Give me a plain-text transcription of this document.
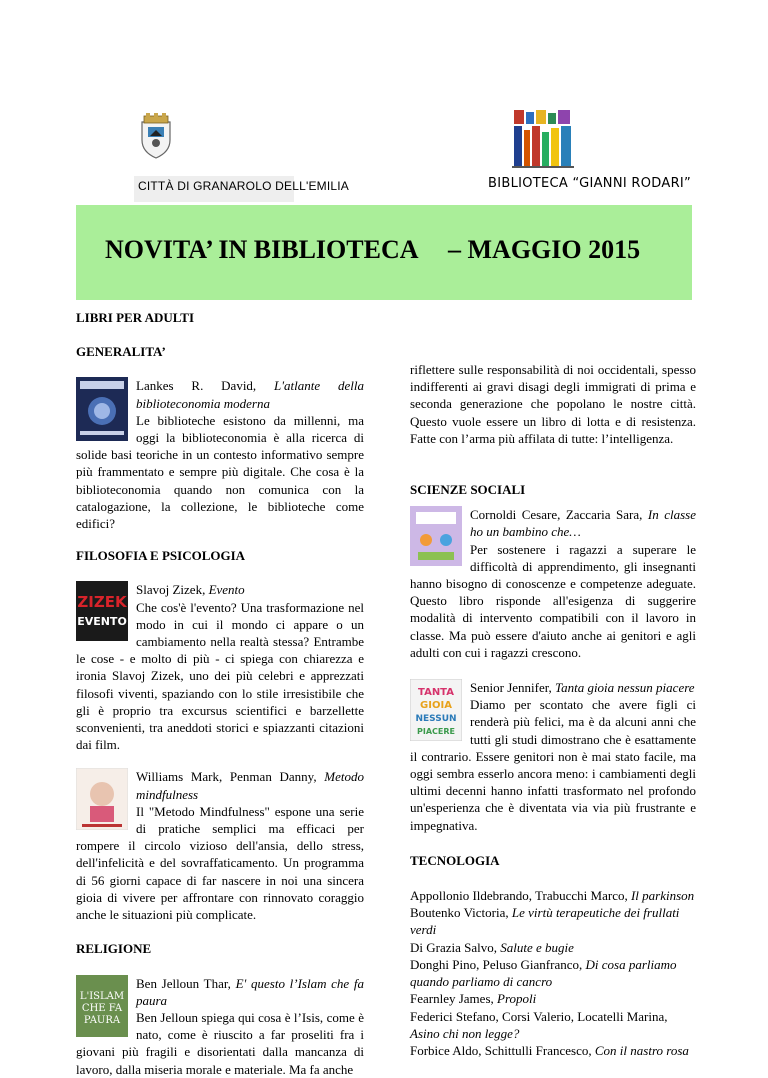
CITTÀ DI GRANAROLO DELL'EMILIA	BIBLIOTECA “GIANNI RODARI”
NOVITA’ IN BIBLIOTECA – MAGGIO 2015

LIBRI PER ADULTI

GENERALITA’

Lankes R. David, L'atlante della biblioteconomia moderna
Le biblioteche esistono da millenni, ma oggi la biblioteconomia è alla ricerca di solide basi teoriche in un contesto informativo sempre più frammentato e sempre più digitale. Che cosa è la biblioteconomia quando non comunica con la catalogazione, la collezione, le biblioteche come edifici?

FILOSOFIA E PSICOLOGIA

ZIZEK
EVENTO
Slavoj Zizek, Evento
Che cos'è l'evento? Una trasformazione nel modo in cui il mondo ci appare o un cambiamento nella realtà stessa? Entrambe le cose - e molto di più - ci spiega con chiarezza e ironia Slavoj Zizek, uno dei più celebri e apprezzati filosofi viventi, spaziando con lo stile irresistibile che gli è proprio tra excursus scientifici e barzellette sconvenienti, tra aneddoti storici e spiazzanti citazioni dai film.
Williams Mark, Penman Danny, Metodo mindfulness
Il "Metodo Mindfulness" espone una serie di pratiche semplici ma efficaci per rompere il circolo vizioso dell'ansia, dello stress, dell'infelicità e del sovraffaticamento. Un programma di 56 giorni capace di far nascere in noi una sincera gioia di vivere per affrontare con rinnovato coraggio anche le situazioni più complicate.

RELIGIONE

L'ISLAM
CHE FA
PAURA
Ben Jelloun Thar, E' questo l’Islam che fa paura
Ben Jelloun spiega qui cosa è l’Isis, come è nato, come è riuscito a far proseliti fra i giovani più fragili e disorientati dalla mancanza di lavoro, dalla miseria morale e materiale. Ma fa anche

riflettere sulle responsabilità di noi occidentali, spesso indifferenti ai gravi disagi degli immigrati di prima e seconda generazione che popolano le nostre città. Questo vuole essere un libro di lotta e di resistenza. Fatte con l’arma più affilata di tutte: l’intelligenza.

SCIENZE SOCIALI

Cornoldi Cesare, Zaccaria Sara, In classe ho un bambino che…
Per sostenere i ragazzi a superare le difficoltà di apprendimento, gli insegnanti hanno bisogno di conoscenze e competenze adeguate. Questo libro risponde all'esigenza di suggerire modalità di intervento compatibili con il lavoro in classe. Ma può essere d'aiuto anche ai genitori e agli adulti con cui i ragazzi crescono.
TANTA
GIOIA
NESSUN
PIACERE
Senior Jennifer, Tanta gioia nessun piacere
Diamo per scontato che avere figli ci renderà più felici, ma è da alcuni anni che tutti gli studi dimostrano che è esattamente il contrario. Essere genitori non è mai stato facile, ma oggi sembra esserlo ancora meno: i cambiamenti degli ultimi decenni hanno infatti trasformato nel profondo un'esperienza che è diventata via via più frustrante e impegnativa.

TECNOLOGIA

Appollonio Ildebrando, Trabucchi Marco, Il parkinson

Boutenko Victoria, Le virtù terapeutiche dei frullati verdi

Di Grazia Salvo, Salute e bugie

Donghi Pino, Peluso Gianfranco, Di cosa parliamo quando parliamo di cancro

Fearnley James, Propoli

Federici Stefano, Corsi Valerio, Locatelli Marina, Asino chi non legge?

Forbice Aldo, Schittulli Francesco, Con il nastro rosa
